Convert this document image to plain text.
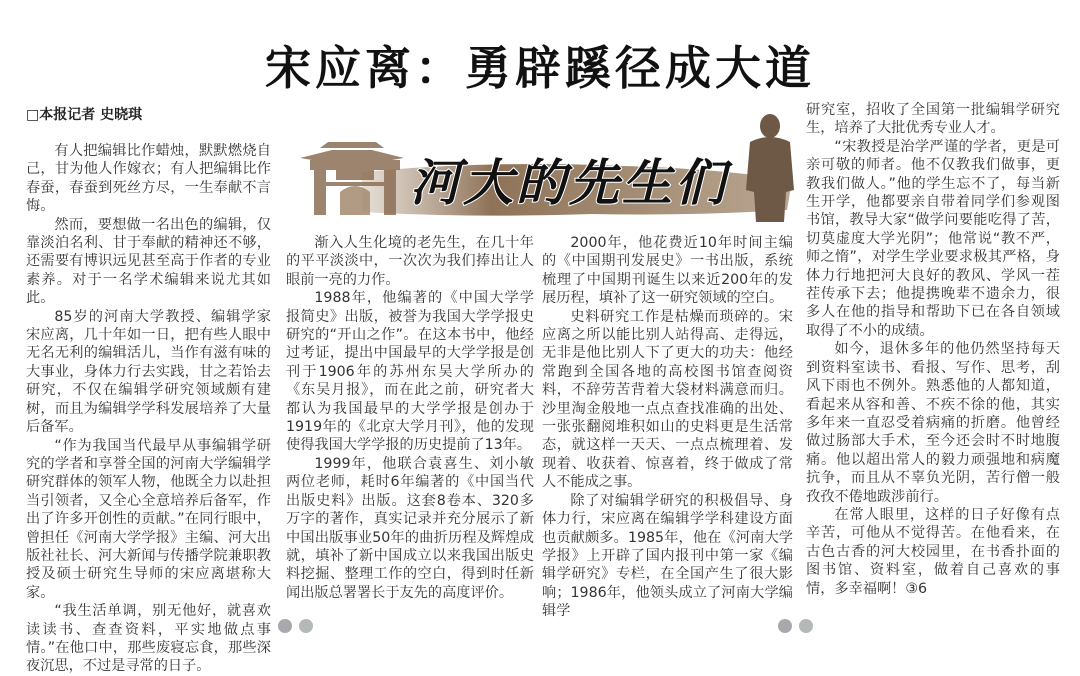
宋应离：勇辟蹊径成大道
□本报记者 史晓琪
河大的先生们

有人把编辑比作蜡烛，默默燃烧自己，甘为他人作嫁衣；有人把编辑比作春蚕，春蚕到死丝方尽，一生奉献不言悔。

然而，要想做一名出色的编辑，仅靠淡泊名利、甘于奉献的精神还不够，还需要有博识远见甚至高于作者的专业素养。对于一名学术编辑来说尤其如此。

85岁的河南大学教授、编辑学家宋应离，几十年如一日，把有些人眼中无名无利的编辑活儿，当作有滋有味的大事业，身体力行去实践，甘之若饴去研究，不仅在编辑学研究领域颇有建树，而且为编辑学学科发展培养了大量后备军。

“作为我国当代最早从事编辑学研究的学者和享誉全国的河南大学编辑学研究群体的领军人物，他既全力以赴担当引领者，又全心全意培养后备军，作出了许多开创性的贡献。”在同行眼中，曾担任《河南大学学报》主编、河大出版社社长、河大新闻与传播学院兼职教授及硕士研究生导师的宋应离堪称大家。

“我生活单调，别无他好，就喜欢读读书、查查资料，平实地做点事情。”在他口中，那些废寝忘食，那些深夜沉思，不过是寻常的日子。

渐入人生化境的老先生，在几十年的平平淡淡中，一次次为我们捧出让人眼前一亮的力作。

1988年，他编著的《中国大学学报简史》出版，被誉为我国大学学报史研究的“开山之作”。在这本书中，他经过考证，提出中国最早的大学学报是创刊于1906年的苏州东吴大学所办的《东吴月报》，而在此之前，研究者大都认为我国最早的大学学报是创办于1919年的《北京大学月刊》，他的发现使得我国大学学报的历史提前了13年。

1999年，他联合袁喜生、刘小敏两位老师，耗时6年编著的《中国当代出版史料》出版。这套8卷本、320多万字的著作，真实记录并充分展示了新中国出版事业50年的曲折历程及辉煌成就，填补了新中国成立以来我国出版史料挖掘、整理工作的空白，得到时任新闻出版总署署长于友先的高度评价。

2000年，他花费近10年时间主编的《中国期刊发展史》一书出版，系统梳理了中国期刊诞生以来近200年的发展历程，填补了这一研究领域的空白。

史料研究工作是枯燥而琐碎的。宋应离之所以能比别人站得高、走得远，无非是他比别人下了更大的功夫：他经常跑到全国各地的高校图书馆查阅资料，不辞劳苦背着大袋材料满意而归。沙里淘金般地一点点查找准确的出处、一张张翻阅堆积如山的史料更是生活常态，就这样一天天、一点点梳理着、发现着、收获着、惊喜着，终于做成了常人不能成之事。

除了对编辑学研究的积极倡导、身体力行，宋应离在编辑学学科建设方面也贡献颇多。1985年，他在《河南大学学报》上开辟了国内报刊中第一家《编辑学研究》专栏，在全国产生了很大影响；1986年，他领头成立了河南大学编辑学

研究室，招收了全国第一批编辑学研究生，培养了大批优秀专业人才。

“宋教授是治学严谨的学者，更是可亲可敬的师者。他不仅教我们做事，更教我们做人。”他的学生忘不了，每当新生开学，他都要亲自带着同学们参观图书馆，教导大家“做学问要能吃得了苦，切莫虚度大学光阴”；他常说“教不严，师之惰”，对学生学业要求极其严格，身体力行地把河大良好的教风、学风一茬茬传承下去；他提携晚辈不遗余力，很多人在他的指导和帮助下已在各自领域取得了不小的成绩。

如今，退休多年的他仍然坚持每天到资料室读书、看报、写作、思考，刮风下雨也不例外。熟悉他的人都知道，看起来从容和善、不疾不徐的他，其实多年来一直忍受着病痛的折磨。他曾经做过肠部大手术，至今还会时不时地腹痛。他以超出常人的毅力顽强地和病魔抗争，而且从不辜负光阴，苦行僧一般孜孜不倦地跋涉前行。

在常人眼里，这样的日子好像有点辛苦，可他从不觉得苦。在他看来，在古色古香的河大校园里，在书香扑面的图书馆、资料室，做着自己喜欢的事情，多幸福啊！③6
